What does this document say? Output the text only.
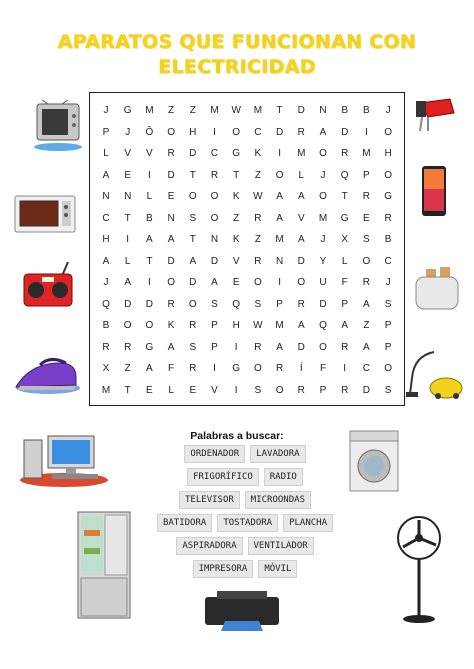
APARATOS QUE FUNCIONAN CON
ELECTRICIDAD
J	G	M	Z	Z	M	W	M	T	D	N	B	B	J
P	J	Ô	O	H	I	O	C	D	R	A	D	I	O
L	V	V	R	D	C	G	K	I	M	O	R	M	H
A	E	I	D	T	R	T	Z	O	L	J	Q	P	O
N	N	L	E	O	O	K	W	A	A	O	T	R	G
C	T	B	N	S	O	Z	R	A	V	M	G	E	R
H	I	A	A	T	N	K	Z	M	A	J	X	S	B
A	L	T	D	A	D	V	R	N	D	Y	L	O	C
J	A	I	O	D	A	E	O	I	O	U	F	R	J
Q	D	D	R	O	S	Q	S	P	R	D	P	A	S
B	O	O	K	R	P	H	W	M	A	Q	A	Z	P
R	R	G	A	S	P	I	R	A	D	O	R	A	P
X	Z	A	F	R	I	G	O	R	Í	F	I	C	O
M	T	E	L	E	V	I	S	O	R	P	R	D	S
Palabras a buscar:
ORDENADOR	LAVADORA
FRIGORÍFICO	RADIO
TELEVISOR	MICROONDAS
BATIDORA	TOSTADORA	PLANCHA
ASPIRADORA	VENTILADOR
IMPRESORA	MÓVIL
